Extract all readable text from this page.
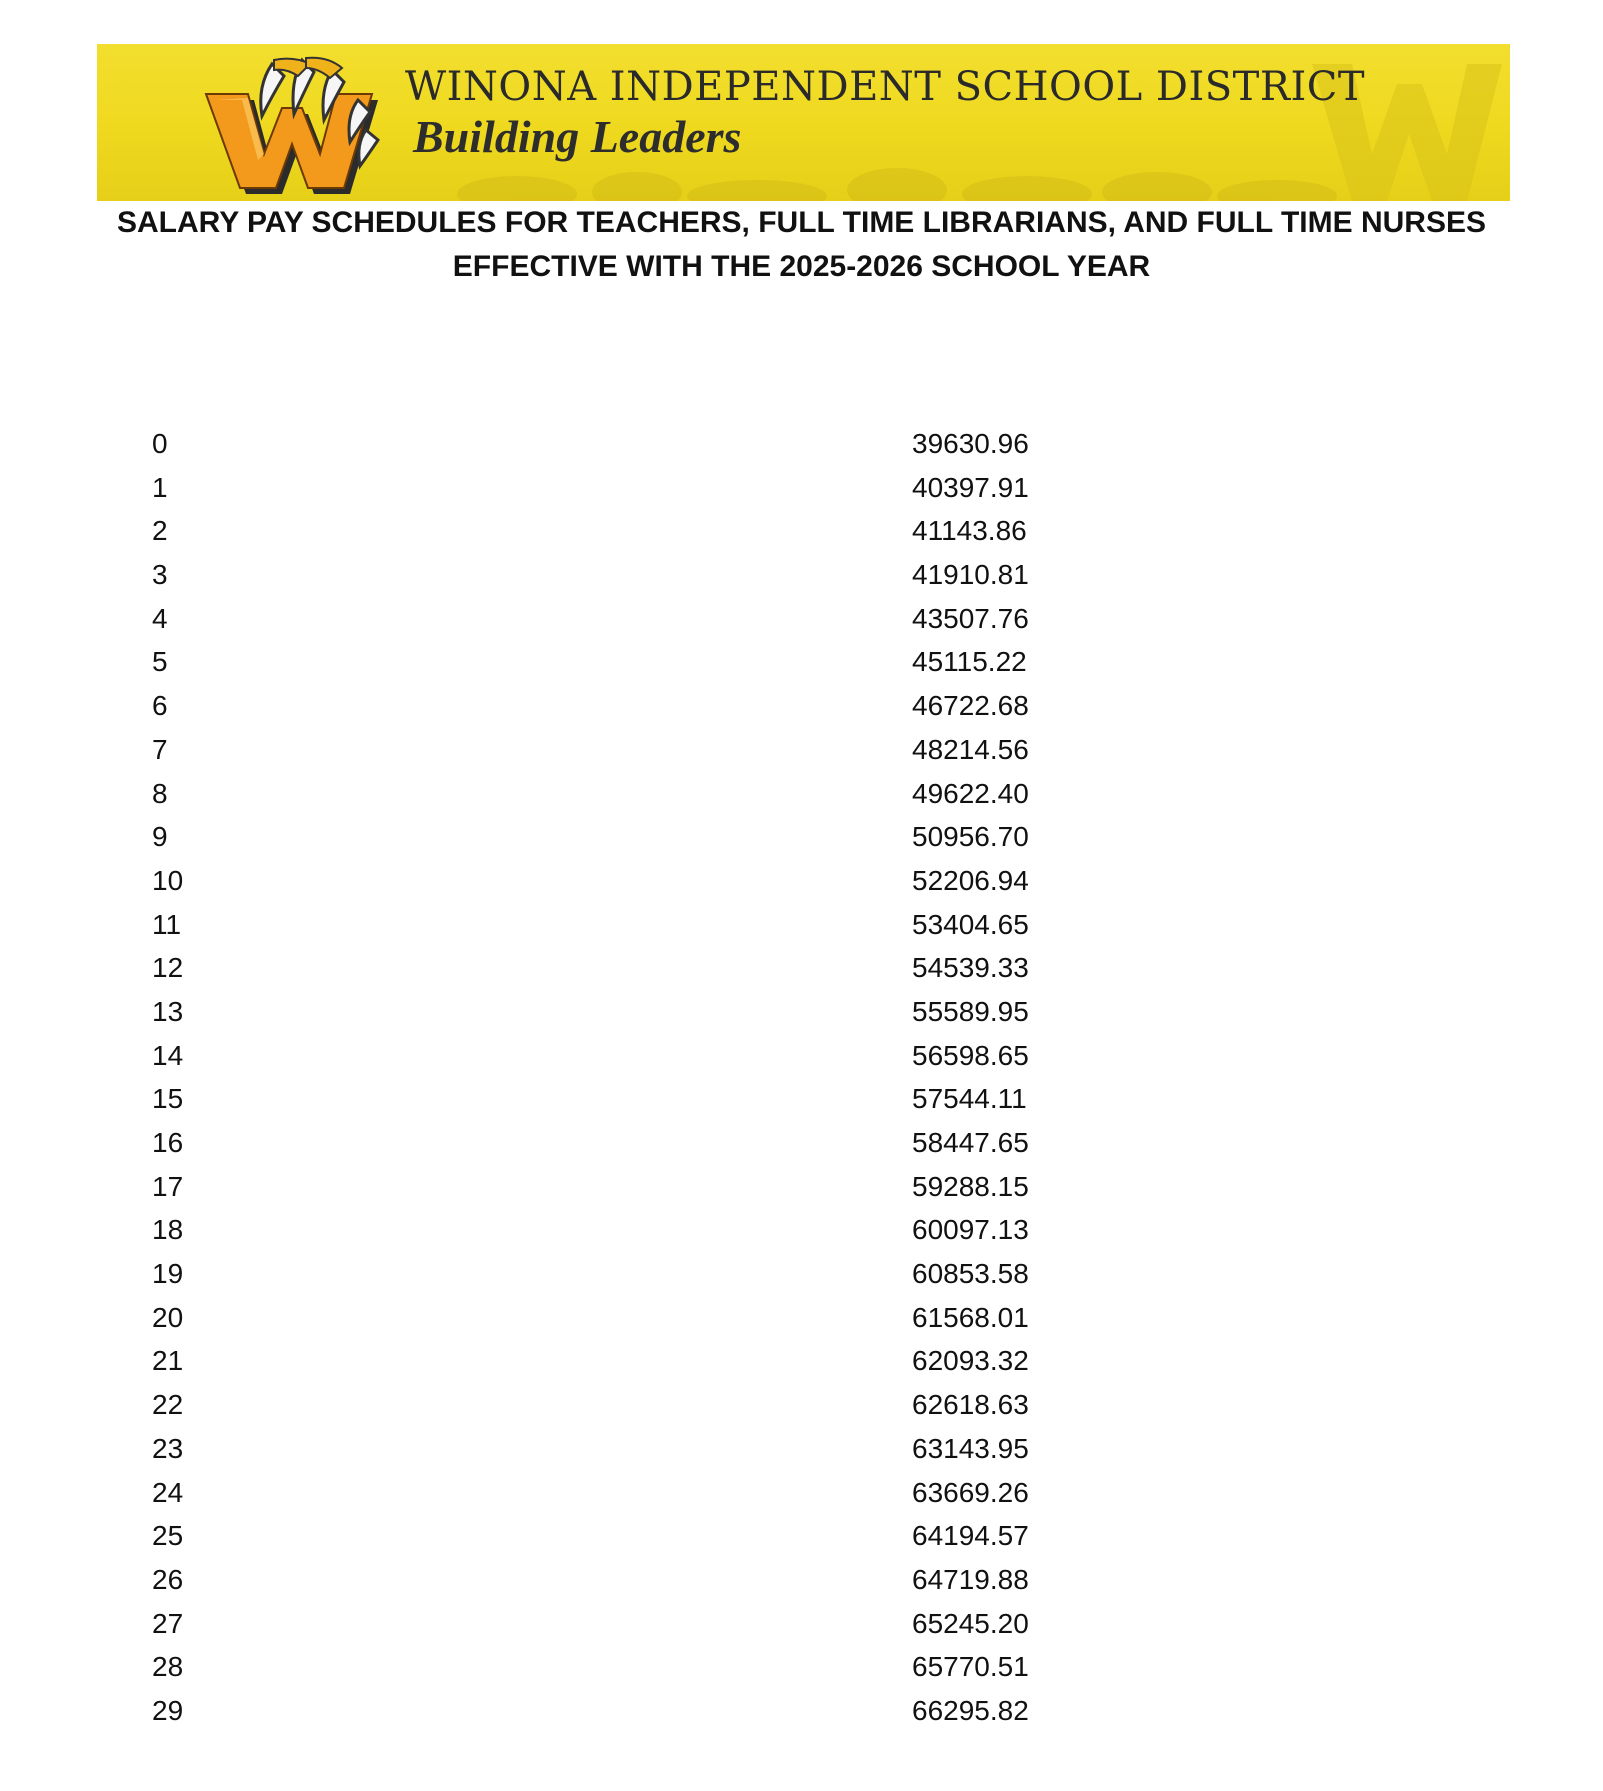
WINONA INDEPENDENT SCHOOL DISTRICT
Building Leaders
SALARY PAY SCHEDULES FOR TEACHERS, FULL TIME LIBRARIANS, AND FULL TIME NURSES
EFFECTIVE WITH THE 2025-2026 SCHOOL YEAR
0	39630.96
1	40397.91
2	41143.86
3	41910.81
4	43507.76
5	45115.22
6	46722.68
7	48214.56
8	49622.40
9	50956.70
10	52206.94
11	53404.65
12	54539.33
13	55589.95
14	56598.65
15	57544.11
16	58447.65
17	59288.15
18	60097.13
19	60853.58
20	61568.01
21	62093.32
22	62618.63
23	63143.95
24	63669.26
25	64194.57
26	64719.88
27	65245.20
28	65770.51
29	66295.82
